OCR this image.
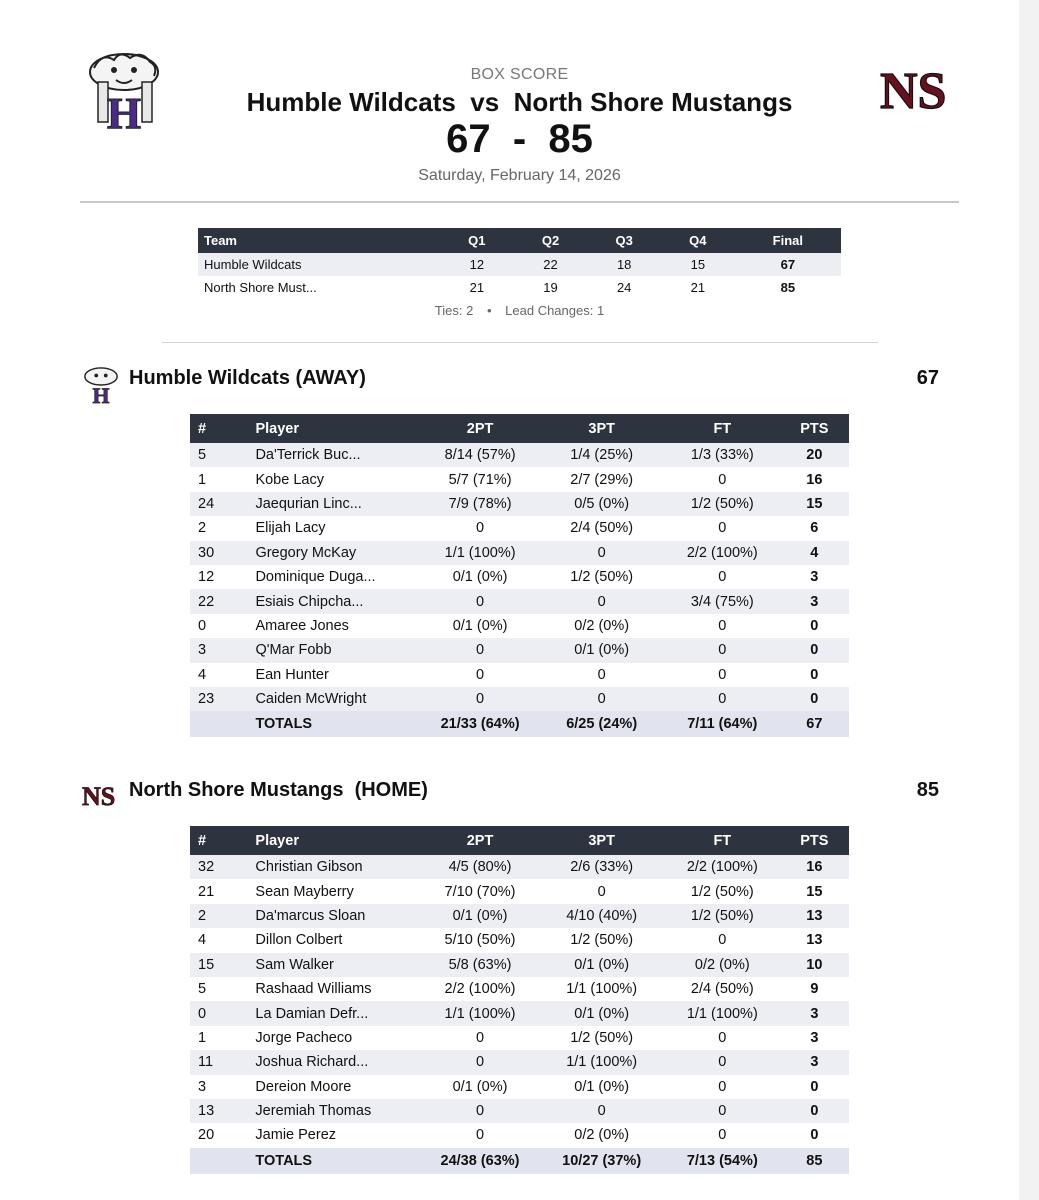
H	NS
BOX SCORE
Humble Wildcats  vs  North Shore Mustangs
67  -  85
Saturday, February 14, 2026
Team	Q1	Q2	Q3	Q4	Final
Humble Wildcats	12	22	18	15	67
North Shore Must...	21	19	24	21	85
Ties: 2 • Lead Changes: 1
H
Humble Wildcats (AWAY)	67
#	Player	2PT	3PT	FT	PTS
5	Da'Terrick Buc...	8/14 (57%)	1/4 (25%)	1/3 (33%)	20
1	Kobe Lacy	5/7 (71%)	2/7 (29%)	0	16
24	Jaequrian Linc...	7/9 (78%)	0/5 (0%)	1/2 (50%)	15
2	Elijah Lacy	0	2/4 (50%)	0	6
30	Gregory McKay	1/1 (100%)	0	2/2 (100%)	4
12	Dominique Duga...	0/1 (0%)	1/2 (50%)	0	3
22	Esiais Chipcha...	0	0	3/4 (75%)	3
0	Amaree Jones	0/1 (0%)	0/2 (0%)	0	0
3	Q'Mar Fobb	0	0/1 (0%)	0	0
4	Ean Hunter	0	0	0	0
23	Caiden McWright	0	0	0	0
	TOTALS	21/33 (64%)	6/25 (24%)	7/11 (64%)	67
NS North Shore Mustangs  (HOME)	85
#	Player	2PT	3PT	FT	PTS
32	Christian Gibson	4/5 (80%)	2/6 (33%)	2/2 (100%)	16
21	Sean Mayberry	7/10 (70%)	0	1/2 (50%)	15
2	Da'marcus Sloan	0/1 (0%)	4/10 (40%)	1/2 (50%)	13
4	Dillon Colbert	5/10 (50%)	1/2 (50%)	0	13
15	Sam Walker	5/8 (63%)	0/1 (0%)	0/2 (0%)	10
5	Rashaad Williams	2/2 (100%)	1/1 (100%)	2/4 (50%)	9
0	La Damian Defr...	1/1 (100%)	0/1 (0%)	1/1 (100%)	3
1	Jorge Pacheco	0	1/2 (50%)	0	3
11	Joshua Richard...	0	1/1 (100%)	0	3
3	Dereion Moore	0/1 (0%)	0/1 (0%)	0	0
13	Jeremiah Thomas	0	0	0	0
20	Jamie Perez	0	0/2 (0%)	0	0
	TOTALS	24/38 (63%)	10/27 (37%)	7/13 (54%)	85
